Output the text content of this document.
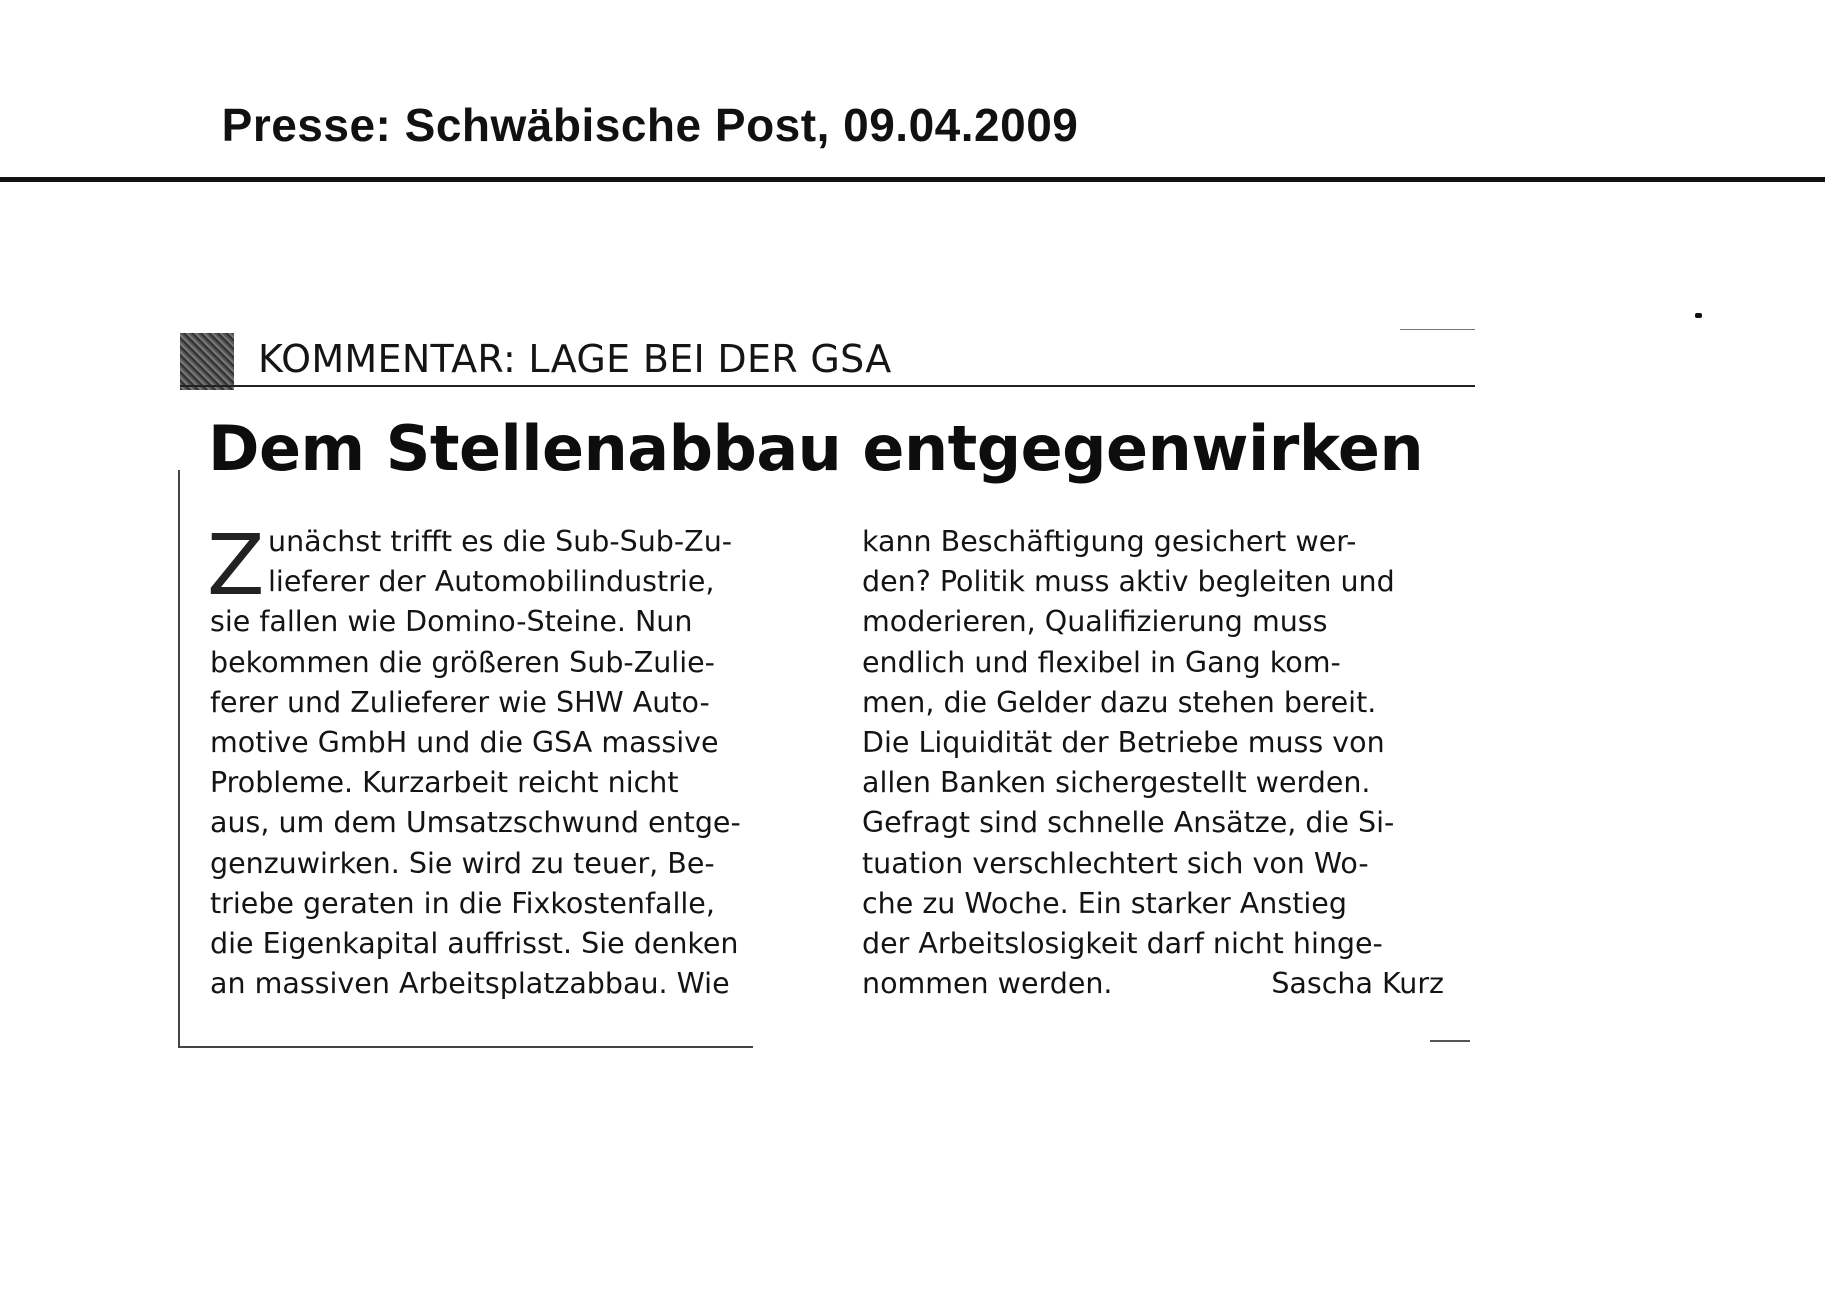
Presse: Schwäbische Post, 09.04.2009
KOMMENTAR: LAGE BEI DER GSA
Dem Stellenabbau entgegenwirken
Z unächst trifft es die Sub-Sub-Zu-
lieferer der Automobilindustrie,
sie fallen wie Domino-Steine. Nun
bekommen die größeren Sub-Zulie-
ferer und Zulieferer wie SHW Auto-
motive GmbH und die GSA massive
Probleme. Kurzarbeit reicht nicht
aus, um dem Umsatzschwund entge-
genzuwirken. Sie wird zu teuer, Be-
triebe geraten in die Fixkostenfalle,
die Eigenkapital auffrisst. Sie denken
an massiven Arbeitsplatzabbau. Wie
kann Beschäftigung gesichert wer-
den? Politik muss aktiv begleiten und
moderieren, Qualifizierung muss
endlich und flexibel in Gang kom-
men, die Gelder dazu stehen bereit.
Die Liquidität der Betriebe muss von
allen Banken sichergestellt werden.
Gefragt sind schnelle Ansätze, die Si-
tuation verschlechtert sich von Wo-
che zu Woche. Ein starker Anstieg
der Arbeitslosigkeit darf nicht hinge-
nommen werden.	Sascha Kurz
